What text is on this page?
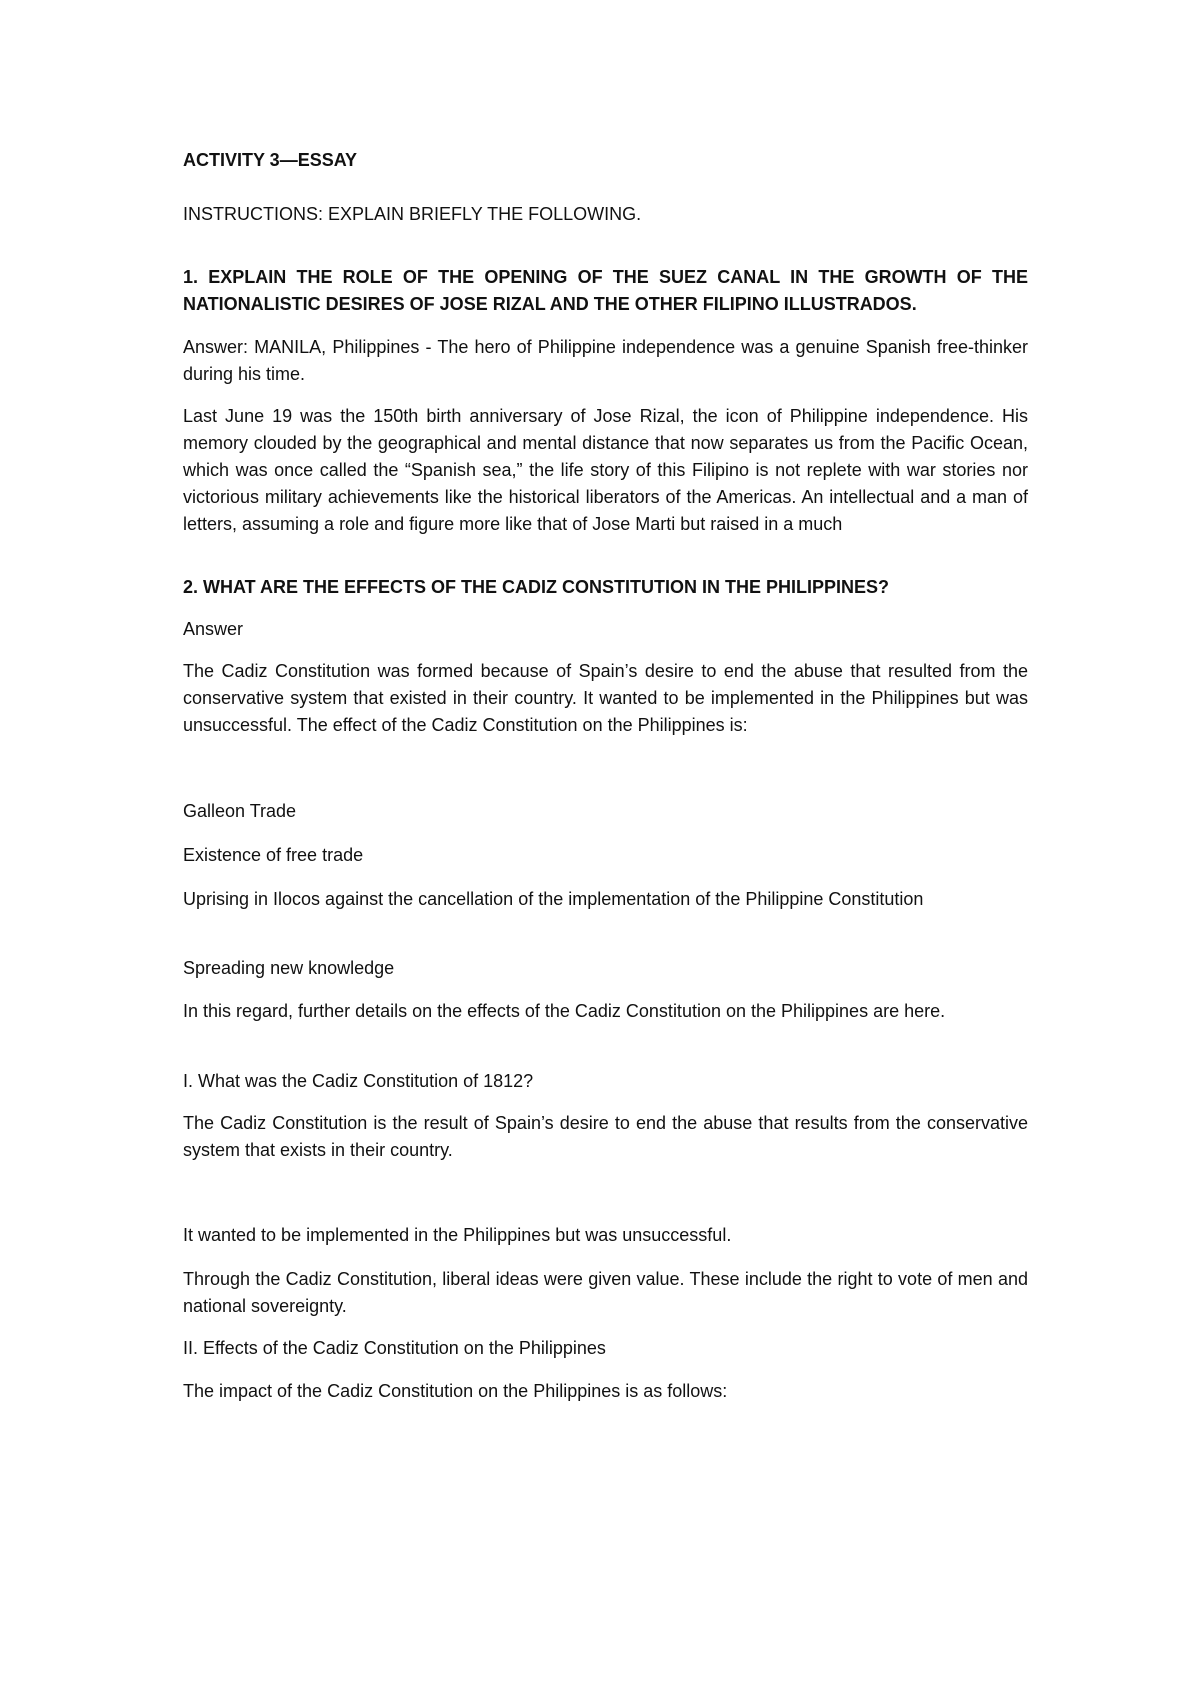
ACTIVITY 3—ESSAY

INSTRUCTIONS: EXPLAIN BRIEFLY THE FOLLOWING.

1. EXPLAIN THE ROLE OF THE OPENING OF THE SUEZ CANAL IN THE GROWTH OF THE NATIONALISTIC DESIRES OF JOSE RIZAL AND THE OTHER FILIPINO ILLUSTRADOS.

Answer: MANILA, Philippines - The hero of Philippine independence was a genuine Spanish free-thinker during his time.

Last June 19 was the 150th birth anniversary of Jose Rizal, the icon of Philippine independence. His memory clouded by the geographical and mental distance that now separates us from the Pacific Ocean, which was once called the “Spanish sea,” the life story of this Filipino is not replete with war stories nor victorious military achievements like the historical liberators of the Americas. An intellectual and a man of letters, assuming a role and figure more like that of Jose Marti but raised in a much

2. WHAT ARE THE EFFECTS OF THE CADIZ CONSTITUTION IN THE PHILIPPINES?

Answer

The Cadiz Constitution was formed because of Spain’s desire to end the abuse that resulted from the conservative system that existed in their country. It wanted to be implemented in the Philippines but was unsuccessful. The effect of the Cadiz Constitution on the Philippines is:

Galleon Trade

Existence of free trade

Uprising in Ilocos against the cancellation of the implementation of the Philippine Constitution

Spreading new knowledge

In this regard, further details on the effects of the Cadiz Constitution on the Philippines are here.

I. What was the Cadiz Constitution of 1812?

The Cadiz Constitution is the result of Spain’s desire to end the abuse that results from the conservative system that exists in their country.

It wanted to be implemented in the Philippines but was unsuccessful.

Through the Cadiz Constitution, liberal ideas were given value. These include the right to vote of men and national sovereignty.

II. Effects of the Cadiz Constitution on the Philippines

The impact of the Cadiz Constitution on the Philippines is as follows:
